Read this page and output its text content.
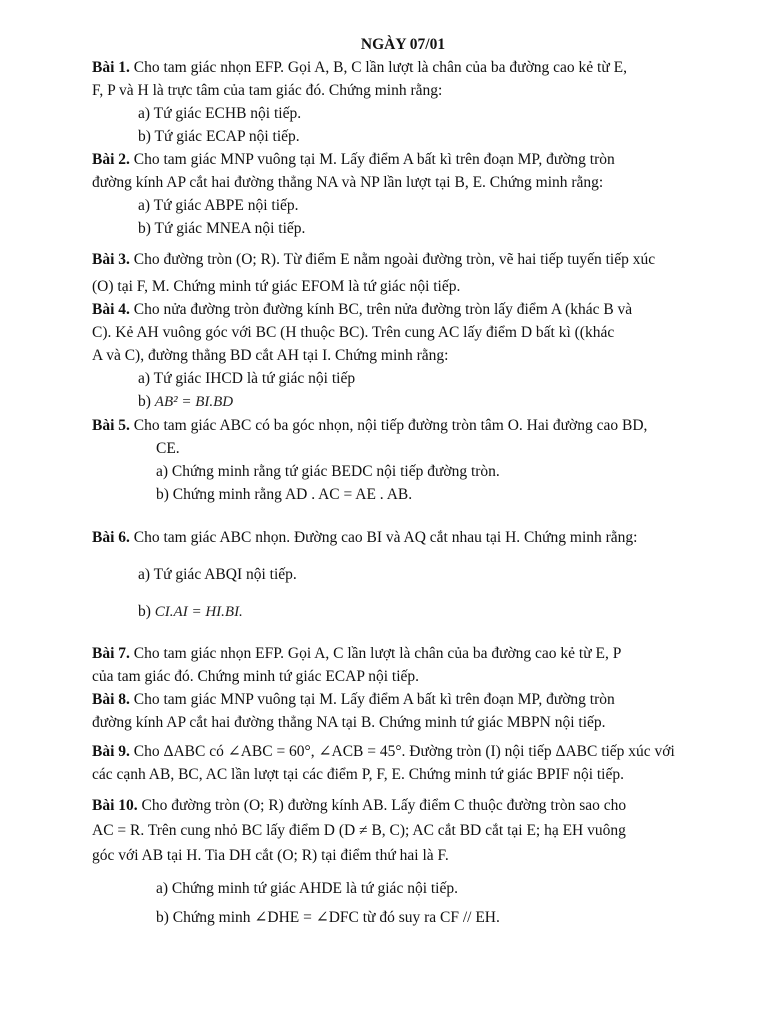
NGÀY 07/01

Bài 1. Cho tam giác nhọn EFP. Gọi A, B, C lần lượt là chân của ba đường cao kẻ từ E,

F, P và H là trực tâm của tam giác đó. Chứng minh rằng:

a) Tứ giác ECHB nội tiếp.

b) Tứ giác ECAP nội tiếp.

Bài 2. Cho tam giác MNP vuông tại M. Lấy điểm A bất kì trên đoạn MP, đường tròn

đường kính AP cắt hai đường thẳng NA và NP lần lượt tại B, E. Chứng minh rằng:

a) Tứ giác ABPE nội tiếp.

b) Tứ giác MNEA nội tiếp.

Bài 3. Cho đường tròn (O; R). Từ điểm E nằm ngoài đường tròn, vẽ hai tiếp tuyến tiếp xúc

(O) tại F, M. Chứng minh tứ giác EFOM là tứ giác nội tiếp.

Bài 4. Cho nửa đường tròn đường kính BC, trên nửa đường tròn lấy điểm A (khác B và

C). Kẻ AH vuông góc với BC (H thuộc BC). Trên cung AC lấy điểm D bất kì ((khác

A và C), đường thẳng BD cắt AH tại I. Chứng minh rằng:

a) Tứ giác IHCD là tứ giác nội tiếp

b) AB² = BI.BD

Bài 5. Cho tam giác ABC có ba góc nhọn, nội tiếp đường tròn tâm O. Hai đường cao BD,

CE.

a) Chứng minh rằng tứ giác BEDC nội tiếp đường tròn.

b) Chứng minh rằng AD . AC = AE . AB.

Bài 6. Cho tam giác ABC nhọn. Đường cao BI và AQ cắt nhau tại H. Chứng minh rằng:

a) Tứ giác ABQI nội tiếp.

b) CI.AI = HI.BI.

Bài 7. Cho tam giác nhọn EFP. Gọi A, C lần lượt là chân của ba đường cao kẻ từ E, P

của tam giác đó. Chứng minh tứ giác ECAP nội tiếp.

Bài 8. Cho tam giác MNP vuông tại M. Lấy điểm A bất kì trên đoạn MP, đường tròn

đường kính AP cắt hai đường thẳng NA tại B. Chứng minh tứ giác MBPN nội tiếp.

Bài 9. Cho ΔABC có ∠ABC = 60°, ∠ACB = 45°. Đường tròn (I) nội tiếp ΔABC tiếp xúc với

các cạnh AB, BC, AC lần lượt tại các điểm P, F, E. Chứng minh tứ giác BPIF nội tiếp.

Bài 10. Cho đường tròn (O; R) đường kính AB. Lấy điểm C thuộc đường tròn sao cho

AC = R. Trên cung nhỏ BC lấy điểm D (D ≠ B, C); AC cắt BD cắt tại E; hạ EH vuông

góc với AB tại H. Tia DH cắt (O; R) tại điểm thứ hai là F.

a) Chứng minh tứ giác AHDE là tứ giác nội tiếp.

b) Chứng minh ∠DHE = ∠DFC từ đó suy ra CF // EH.
